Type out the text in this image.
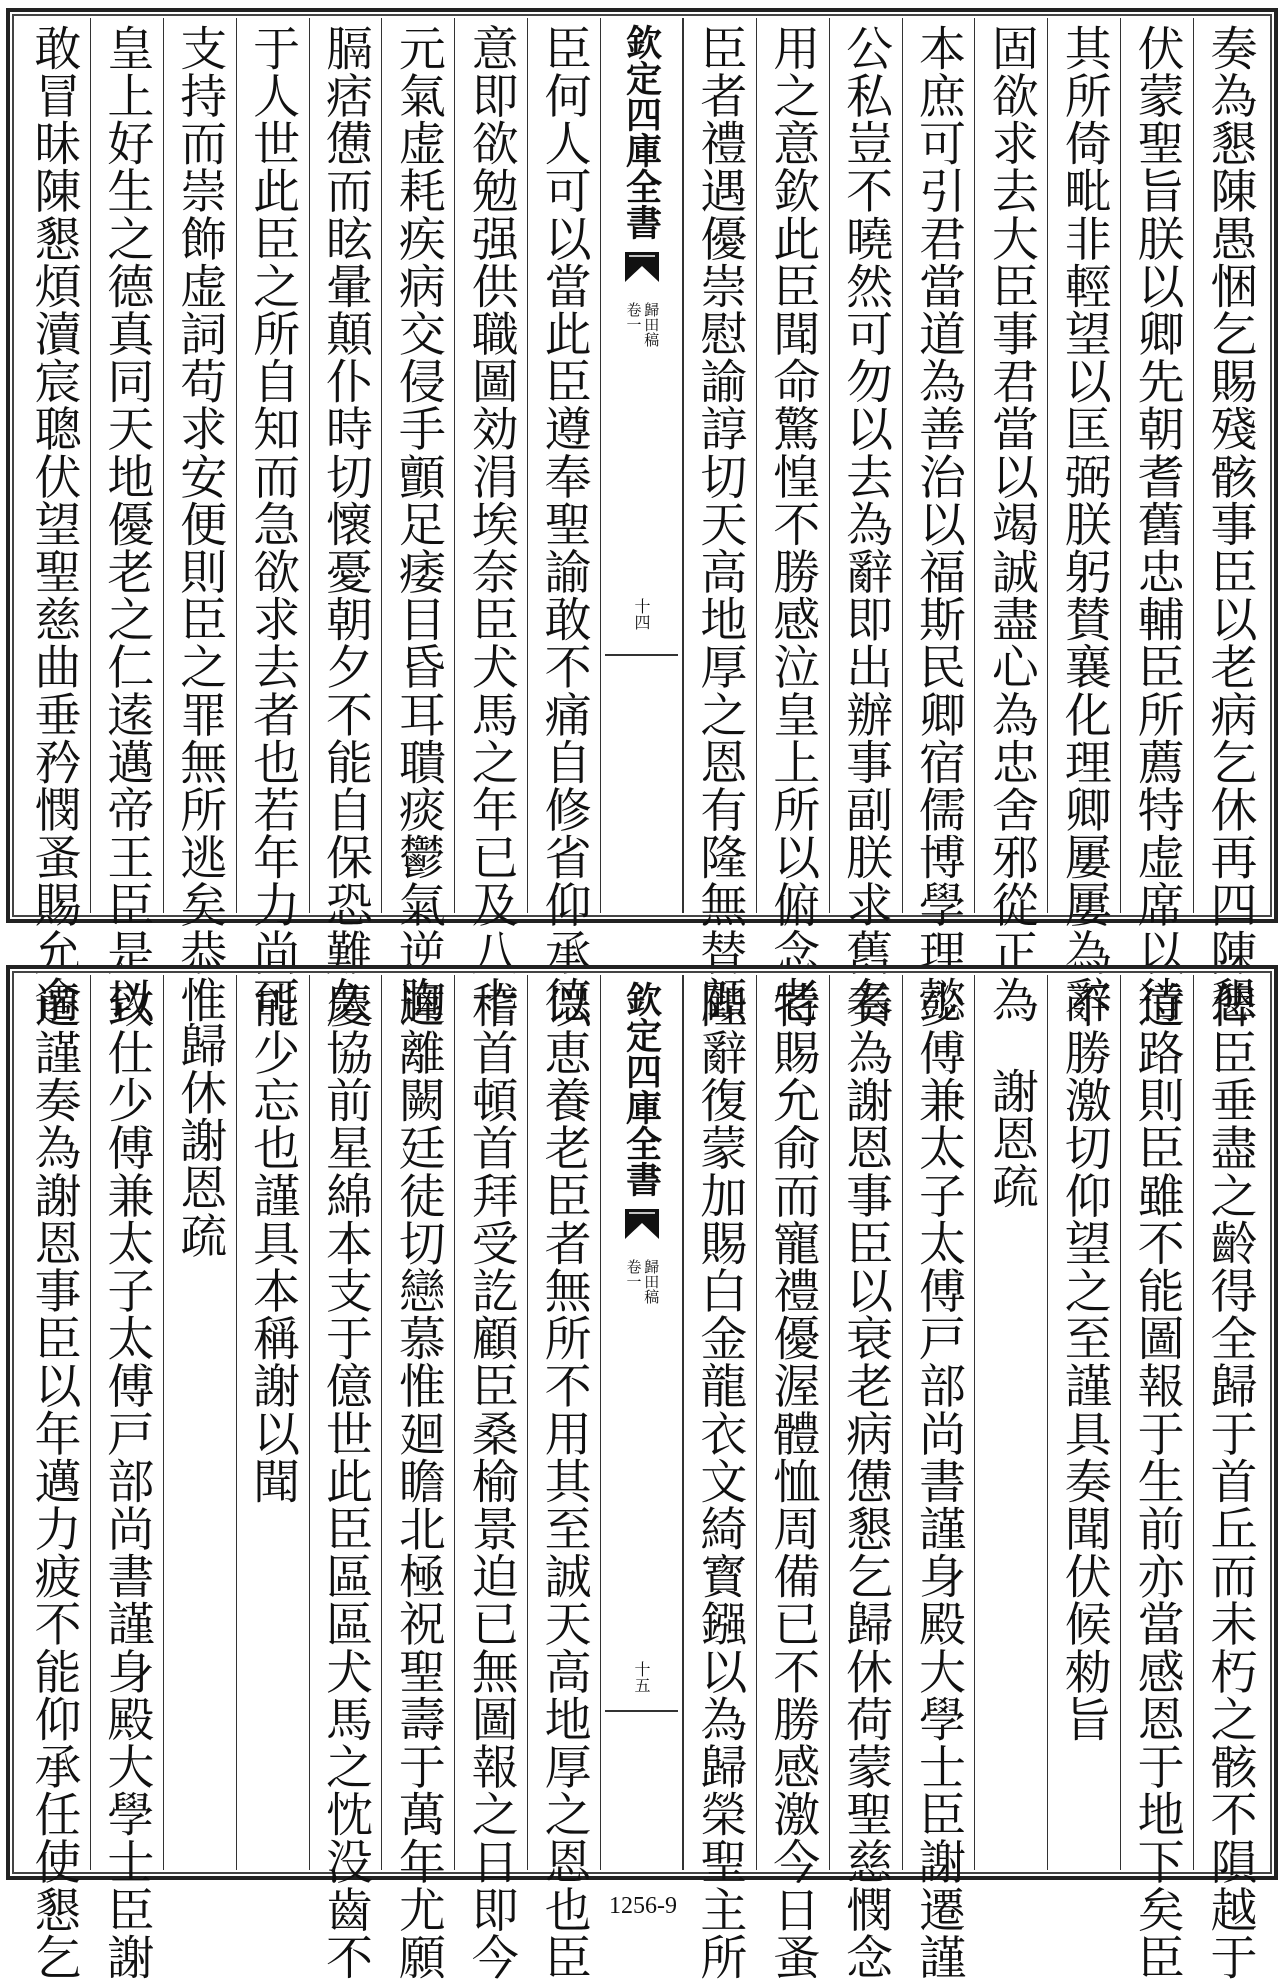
奏為懇陳愚悃乞賜殘骸事臣以老病乞休再四陳懇
伏蒙聖旨朕以卿先朝耆舊忠輔臣所薦特虚席以待
其所倚毗非輕望以匡弼朕躬賛襄化理卿屢屢為辭
固欲求去大臣事君當以竭誠盡心為忠舍邪從正為
本庶可引君當道為善治以福斯民卿宿儒博學理懿
公私豈不曉然可勿以去為辭即出辦事副朕求舊名
用之意欽此臣聞命驚惶不勝感泣皇上所以俯念老
臣者禮遇優崇慰諭諄切天高地厚之恩有隆無替顧
欽定四庫全書
歸田稿
卷一
十四
臣何人可以當此臣遵奉聖諭敢不痛自修省仰承德
意即欲勉强供職圖効涓埃奈臣犬馬之年已及八十
元氣虚耗疾病交侵手顫足痿目昏耳聵痰鬱氣逆胸
膈痞憊而眩暈顛仆時切懷憂朝夕不能自保恐難久
于人世此臣之所自知而急欲求去者也若年力尚可
支持而崇飾虚詞苟求安便則臣之罪無所逃矣恭惟
皇上好生之德真同天地優老之仁逺邁帝王臣是以
敢冒昧陳懇煩瀆宸聰伏望聖慈曲垂矜憫蚤賜允俞
俾臣垂盡之齡得全歸于首丘而未朽之骸不隕越于
道路則臣雖不能圖報于生前亦當感恩于地下矣臣
不勝激切仰望之至謹具奏聞伏候勑旨
謝恩疏
少傅兼太子太傅戸部尚書謹身殿大學士臣謝遷謹
奏為謝恩事臣以衰老病憊懇乞歸休荷蒙聖慈憫念
特賜允俞而寵禮優渥體恤周備已不勝感激今日蚤
陛辭復蒙加賜白金龍衣文綺寳鏹以為歸榮聖主所
欽定四庫全書
歸田稿
卷一
十五
以恵養老臣者無所不用其至誠天高地厚之恩也臣
稽首頓首拜受訖顧臣桑榆景迫已無圖報之日即今
違離闕廷徒切戀慕惟廻瞻北極祝聖壽于萬年尤願
慶協前星綿本支于億世此臣區區犬馬之忱没齒不
能少忘也謹具本稱謝以聞
歸休謝恩疏
致仕少傅兼太子太傅戸部尚書謹身殿大學士臣謝
遷謹奏為謝恩事臣以年邁力疲不能仰承任使懇乞	1256-9
